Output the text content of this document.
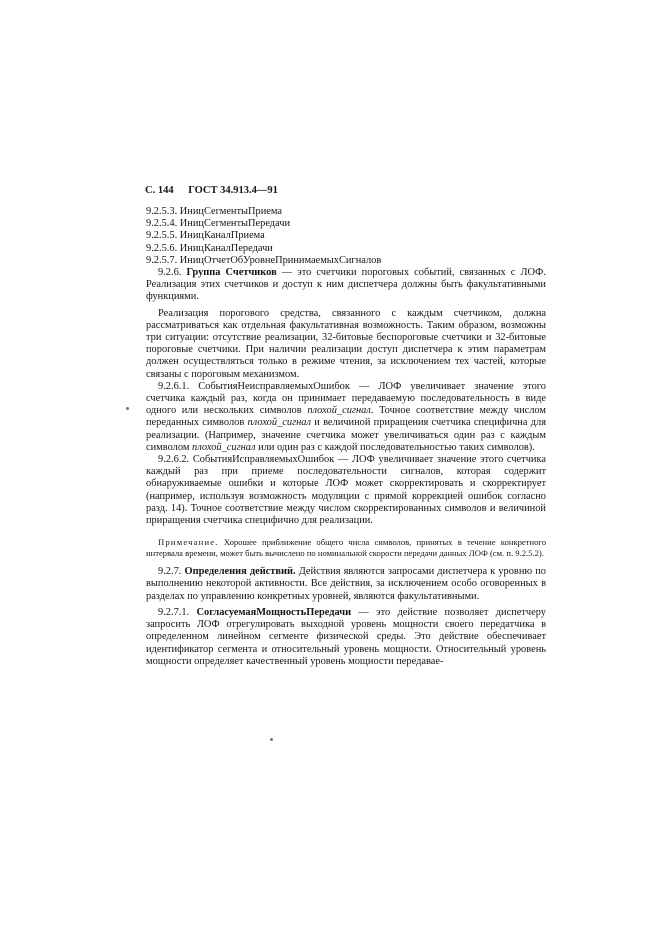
С. 144 ГОСТ 34.913.4—91

9.2.5.3. ИницСегментыПриема

9.2.5.4. ИницСегментыПередачи

9.2.5.5. ИницКаналПриема

9.2.5.6. ИницКаналПередачи

9.2.5.7. ИницОтчетОбУровнеПринимаемыхСигналов

9.2.6. Группа Счетчиков — это счетчики пороговых событий, связанных с ЛОФ. Реализация этих счетчиков и доступ к ним диспетчера должны быть факультативными функциями.

Реализация порогового средства, связанного с каждым счетчиком, должна рассматриваться как отдельная факультативная возможность. Таким образом, возможны три ситуации: отсутствие реализации, 32-битовые беспороговые счетчики и 32-битовые пороговые счетчики. При наличии реализации доступ диспетчера к этим параметрам должен осуществляться только в режиме чтения, за исключением тех частей, которые связаны с пороговым механизмом.

9.2.6.1. СобытияНеисправляемыхОшибок — ЛОФ увеличивает значение этого счетчика каждый раз, когда он принимает передаваемую последовательность в виде одного или нескольких символов плохой_сигнал. Точное соответствие между числом переданных символов плохой_сигнал и величиной приращения счетчика специфична для реализации. (Например, значение счетчика может увеличиваться один раз с каждым символом плохой_сигнал или один раз с каждой последовательностью таких символов).

9.2.6.2. СобытияИсправляемыхОшибок — ЛОФ увеличивает значение этого счетчика каждый раз при приеме последовательности сигналов, которая содержит обнаруживаемые ошибки и которые ЛОФ может скорректировать и скорректирует (например, используя возможность модуляции с прямой коррекцией ошибок согласно разд. 14). Точное соответствие между числом скорректированных символов и величиной приращения счетчика специфично для реализации.

Примечание. Хорошее приближение общего числа символов, принятых в течение конкретного интервала времени, может быть вычислено по номинальной скорости передачи данных ЛОФ (см. п. 9.2.5.2).

9.2.7. Определения действий. Действия являются запросами диспетчера к уровню по выполнению некоторой активности. Все действия, за исключением особо оговоренных в разделах по управлению конкретных уровней, являются факультативными.

9.2.7.1. СогласуемаяМощностьПередачи — это действие позволяет диспетчеру запросить ЛОФ отрегулировать выходной уровень мощности своего передатчика в определенном линейном сегменте физической среды. Это действие обеспечивает идентификатор сегмента и относительный уровень мощности. Относительный уровень мощности определяет качественный уровень мощности передавае-
